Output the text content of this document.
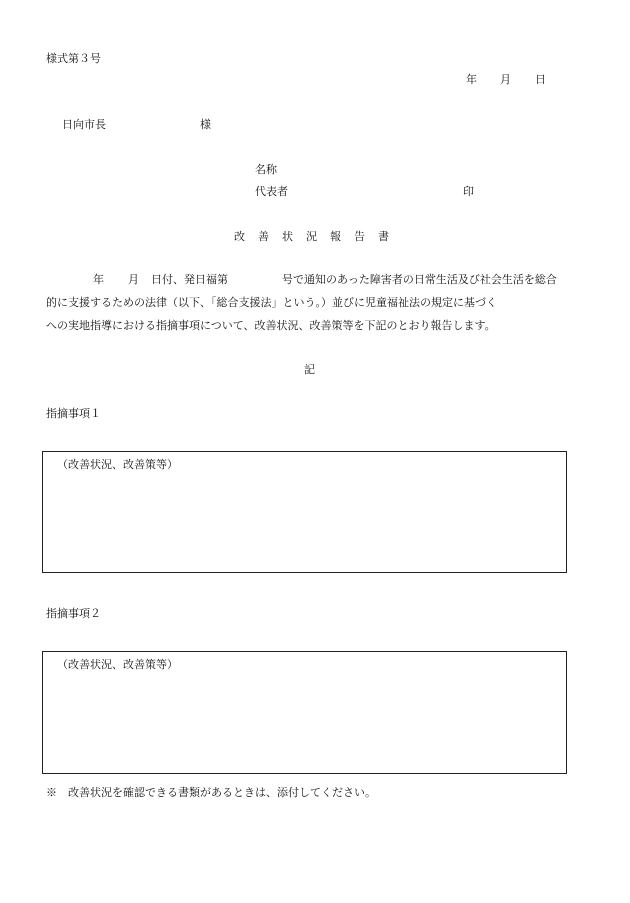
様式第３号
年 月 日
日向市長	様
名称
代表者	印
改 善 状 況 報 告 書
年 月 日付、発日福第	号で通知のあった障害者の日常生活及び社会生活を総合
的に支援するための法律（以下、「総合支援法」という。）並びに児童福祉法の規定に基づく
への実地指導における指摘事項について、改善状況、改善策等を下記のとおり報告します。
記
指摘事項１
（改善状況、改善策等）
指摘事項２
（改善状況、改善策等）
※　改善状況を確認できる書類があるときは、添付してください。
